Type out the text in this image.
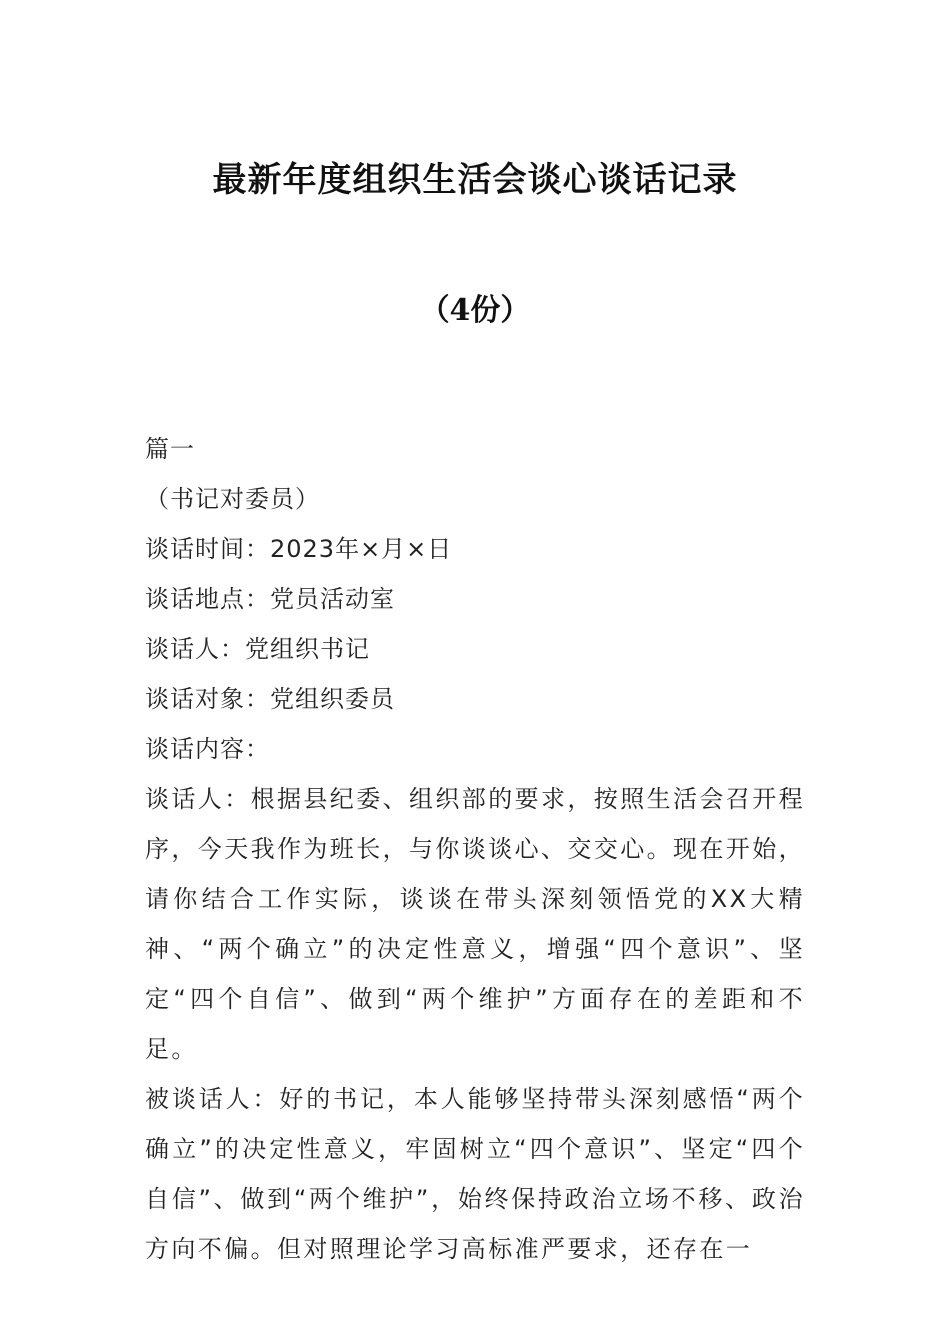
最新年度组织生活会谈心谈话记录
（4份）

篇一

（书记对委员）

谈话时间：2023年×月×日

谈话地点：党员活动室

谈话人：党组织书记

谈话对象：党组织委员

谈话内容：

谈话人：根据县纪委、组织部的要求，按照生活会召开程序，今天我作为班长，与你谈谈心、交交心。现在开始，请你结合工作实际，谈谈在带头深刻领悟党的XX大精神、“两个确立”的决定性意义，增强“四个意识”、坚定“四个自信”、做到“两个维护”方面存在的差距和不足。

被谈话人：好的书记，本人能够坚持带头深刻感悟“两个确立”的决定性意义，牢固树立“四个意识”、坚定“四个自信”、做到“两个维护”，始终保持政治立场不移、政治方向不偏。但对照理论学习高标准严要求，还存在一
